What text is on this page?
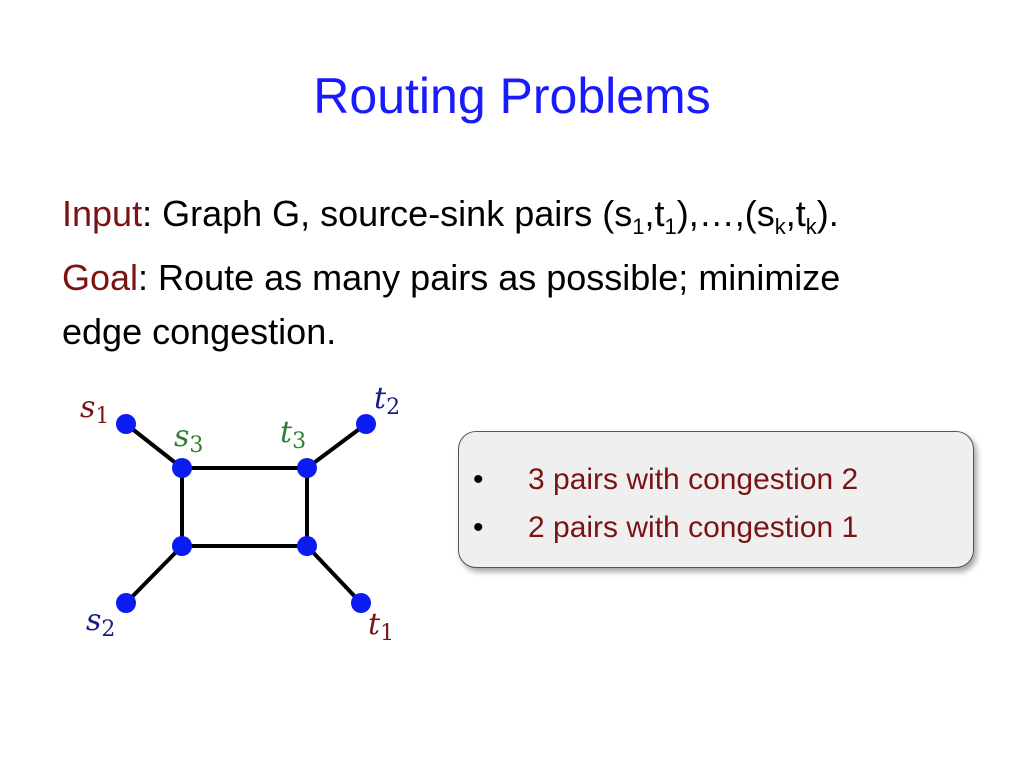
Routing Problems
Input: Graph G, source-sink pairs $(s_1,t_1),\dots,(s_k,t_k)$.
Goal: Route as many pairs as possible; minimize
edge congestion.
$s_1$
$s_3$	$t_3$
$t_2$
$s_2$	$t_1$
• 3 pairs with congestion 2
• 2 pairs with congestion 1
